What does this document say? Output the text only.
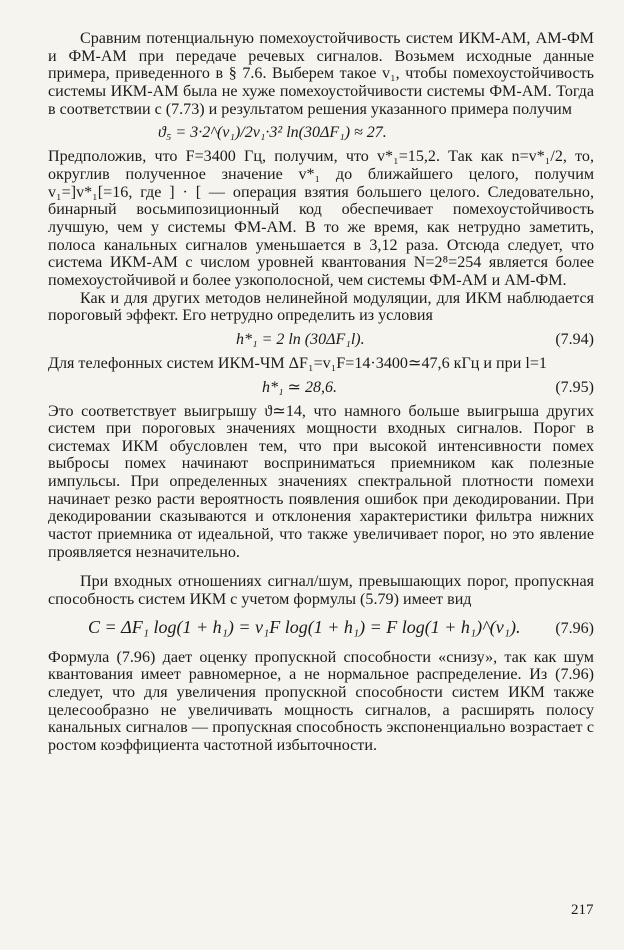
Сравним потенциальную помехоустойчивость систем ИКМ-АМ, АМ-ФМ и ФМ-АМ при передаче речевых сигналов. Возьмем исходные данные примера, приведенного в § 7.6. Выберем такое v₁, чтобы помехоустойчивость системы ИКМ-АМ была не хуже помехоустойчивости системы ФМ-АМ. Тогда в соответствии с (7.73) и результатом решения указанного примера получим

ϑ₅ = 3·2^(v₁)/2v₁·3² ln(30ΔF₁) ≈ 27.

Предположив, что F=3400 Гц, получим, что v*₁=15,2. Так как n=v*₁/2, то, округлив полученное значение v*₁ до ближайшего целого, получим v₁=]v*₁[=16, где ] · [ — операция взятия большего целого. Следовательно, бинарный восьмипозиционный код обеспечивает помехоустойчивость лучшую, чем у системы ФМ-АМ. В то же время, как нетрудно заметить, полоса канальных сигналов уменьшается в 3,12 раза. Отсюда следует, что система ИКМ-АМ с числом уровней квантования N=2⁸=254 является более помехоустойчивой и более узкополосной, чем системы ФМ-АМ и АМ-ФМ.

Как и для других методов нелинейной модуляции, для ИКМ наблюдается пороговый эффект. Его нетрудно определить из условия

h*₁ = 2 ln (30ΔF₁l).	(7.94)

Для телефонных систем ИКМ-ЧМ ΔF₁=v₁F=14·3400≃47,6 кГц и при l=1

h*₁ ≃ 28,6.	(7.95)

Это соответствует выигрышу ϑ≃14, что намного больше выигрыша других систем при пороговых значениях мощности входных сигналов. Порог в системах ИКМ обусловлен тем, что при высокой интенсивности помех выбросы помех начинают восприниматься приемником как полезные импульсы. При определенных значениях спектральной плотности помехи начинает резко расти вероятность появления ошибок при декодировании. При декодировании сказываются и отклонения характеристики фильтра нижних частот приемника от идеальной, что также увеличивает порог, но это явление проявляется незначительно.

При входных отношениях сигнал/шум, превышающих порог, пропускная способность систем ИКМ с учетом формулы (5.79) имеет вид

C = ΔF₁ log(1 + h₁) = v₁F log(1 + h₁) = F log(1 + h₁)^(v₁). (7.96)

Формула (7.96) дает оценку пропускной способности «снизу», так как шум квантования имеет равномерное, а не нормальное распределение. Из (7.96) следует, что для увеличения пропускной способности систем ИКМ также целесообразно не увеличивать мощность сигналов, а расширять полосу канальных сигналов — пропускная способность экспоненциально возрастает с ростом коэффициента частотной избыточности.

217
